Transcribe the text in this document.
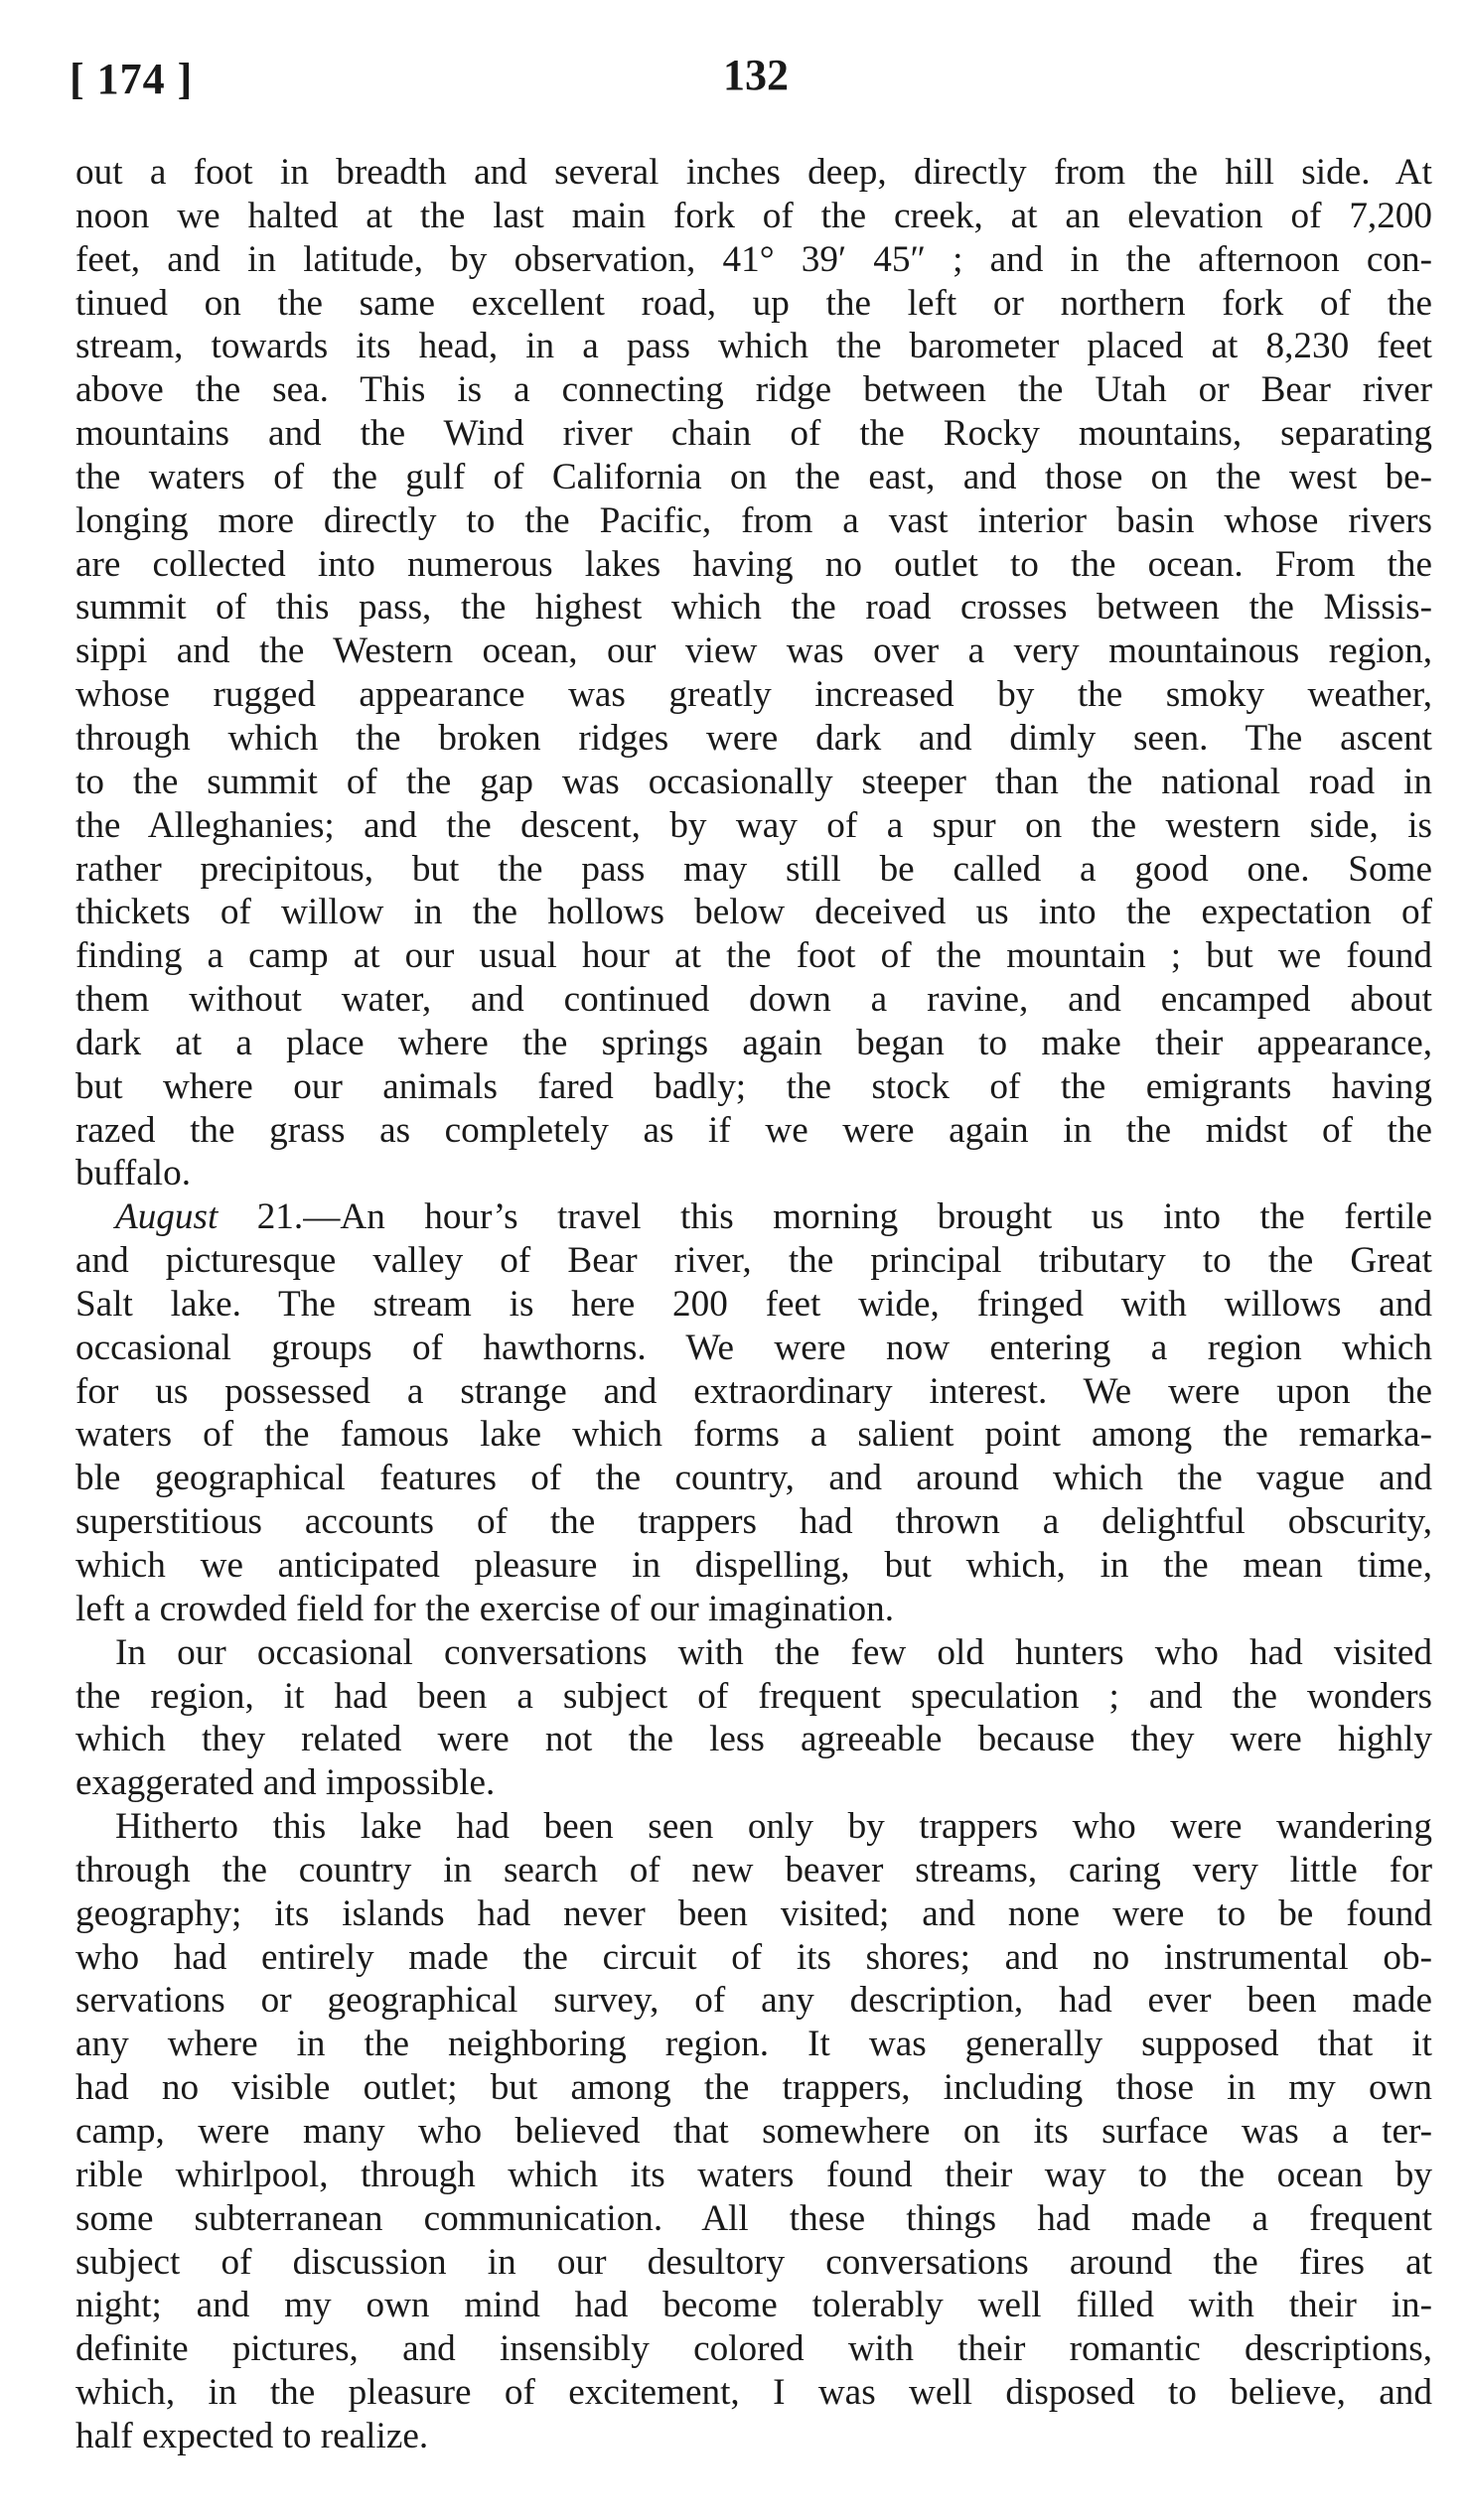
[ 174 ]	132
out a foot in breadth and several inches deep, directly from the hill side. At
noon we halted at the last main fork of the creek, at an elevation of 7,200
feet, and in latitude, by observation, 41° 39′ 45″ ; and in the afternoon con-
tinued on the same excellent road, up the left or northern fork of the
stream, towards its head, in a pass which the barometer placed at 8,230 feet
above the sea. This is a connecting ridge between the Utah or Bear river
mountains and the Wind river chain of the Rocky mountains, separating
the waters of the gulf of California on the east, and those on the west be-
longing more directly to the Pacific, from a vast interior basin whose rivers
are collected into numerous lakes having no outlet to the ocean. From the
summit of this pass, the highest which the road crosses between the Missis-
sippi and the Western ocean, our view was over a very mountainous region,
whose rugged appearance was greatly increased by the smoky weather,
through which the broken ridges were dark and dimly seen. The ascent
to the summit of the gap was occasionally steeper than the national road in
the Alleghanies; and the descent, by way of a spur on the western side, is
rather precipitous, but the pass may still be called a good one. Some
thickets of willow in the hollows below deceived us into the expectation of
finding a camp at our usual hour at the foot of the mountain ; but we found
them without water, and continued down a ravine, and encamped about
dark at a place where the springs again began to make their appearance,
but where our animals fared badly; the stock of the emigrants having
razed the grass as completely as if we were again in the midst of the
buffalo.
August 21.—An hour’s travel this morning brought us into the fertile
and picturesque valley of Bear river, the principal tributary to the Great
Salt lake. The stream is here 200 feet wide, fringed with willows and
occasional groups of hawthorns. We were now entering a region which
for us possessed a strange and extraordinary interest. We were upon the
waters of the famous lake which forms a salient point among the remarka-
ble geographical features of the country, and around which the vague and
superstitious accounts of the trappers had thrown a delightful obscurity,
which we anticipated pleasure in dispelling, but which, in the mean time,
left a crowded field for the exercise of our imagination.
In our occasional conversations with the few old hunters who had visited
the region, it had been a subject of frequent speculation ; and the wonders
which they related were not the less agreeable because they were highly
exaggerated and impossible.
Hitherto this lake had been seen only by trappers who were wandering
through the country in search of new beaver streams, caring very little for
geography; its islands had never been visited; and none were to be found
who had entirely made the circuit of its shores; and no instrumental ob-
servations or geographical survey, of any description, had ever been made
any where in the neighboring region. It was generally supposed that it
had no visible outlet; but among the trappers, including those in my own
camp, were many who believed that somewhere on its surface was a ter-
rible whirlpool, through which its waters found their way to the ocean by
some subterranean communication. All these things had made a frequent
subject of discussion in our desultory conversations around the fires at
night; and my own mind had become tolerably well filled with their in-
definite pictures, and insensibly colored with their romantic descriptions,
which, in the pleasure of excitement, I was well disposed to believe, and
half expected to realize.
